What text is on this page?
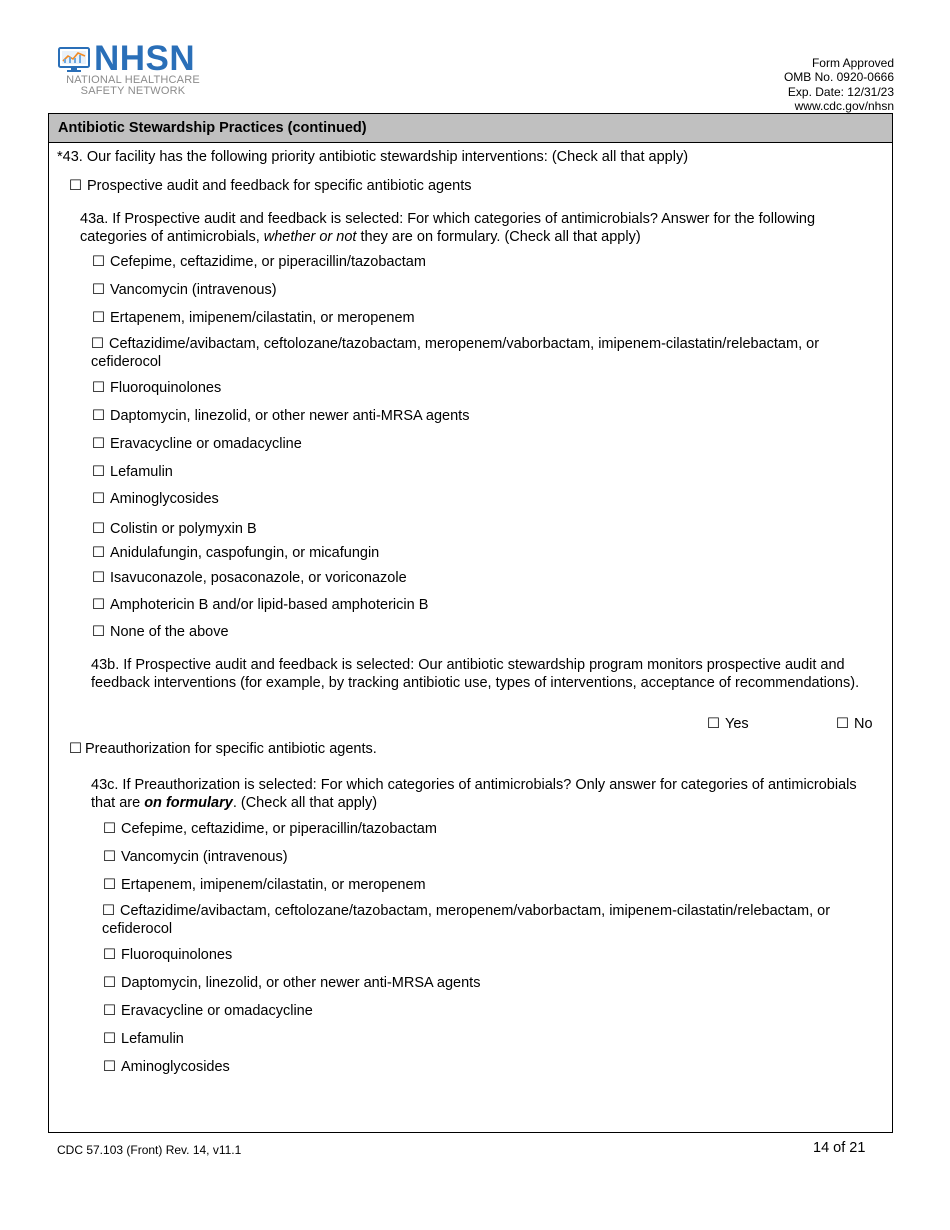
NHSN
NATIONAL HEALTHCARE
SAFETY NETWORK
Form Approved
OMB No. 0920-0666
Exp. Date: 12/31/23
www.cdc.gov/nhsn
Antibiotic Stewardship Practices (continued)
*43. Our facility has the following priority antibiotic stewardship interventions: (Check all that apply)
☐ Prospective audit and feedback for specific antibiotic agents
43a. If Prospective audit and feedback is selected: For which categories of antimicrobials? Answer for the following categories of antimicrobials, whether or not they are on formulary. (Check all that apply)
☐ Cefepime, ceftazidime, or piperacillin/tazobactam
☐ Vancomycin (intravenous)
☐ Ertapenem, imipenem/cilastatin, or meropenem
☐ Ceftazidime/avibactam, ceftolozane/tazobactam, meropenem/vaborbactam, imipenem-cilastatin/relebactam, or cefiderocol
☐ Fluoroquinolones
☐ Daptomycin, linezolid, or other newer anti-MRSA agents
☐ Eravacycline or omadacycline
☐ Lefamulin
☐ Aminoglycosides
☐ Colistin or polymyxin B
☐ Anidulafungin, caspofungin, or micafungin
☐ Isavuconazole, posaconazole, or voriconazole
☐ Amphotericin B and/or lipid-based amphotericin B
☐ None of the above
43b. If Prospective audit and feedback is selected: Our antibiotic stewardship program monitors prospective audit and feedback interventions (for example, by tracking antibiotic use, types of interventions, acceptance of recommendations).
☐ Yes	☐ No
☐ Preauthorization for specific antibiotic agents.
43c. If Preauthorization is selected: For which categories of antimicrobials? Only answer for categories of antimicrobials that are on formulary. (Check all that apply)
☐ Cefepime, ceftazidime, or piperacillin/tazobactam
☐ Vancomycin (intravenous)
☐ Ertapenem, imipenem/cilastatin, or meropenem
☐ Ceftazidime/avibactam, ceftolozane/tazobactam, meropenem/vaborbactam, imipenem-cilastatin/relebactam, or cefiderocol
☐ Fluoroquinolones
☐ Daptomycin, linezolid, or other newer anti-MRSA agents
☐ Eravacycline or omadacycline
☐ Lefamulin
☐ Aminoglycosides
CDC 57.103 (Front) Rev. 14, v11.1	14 of 21
